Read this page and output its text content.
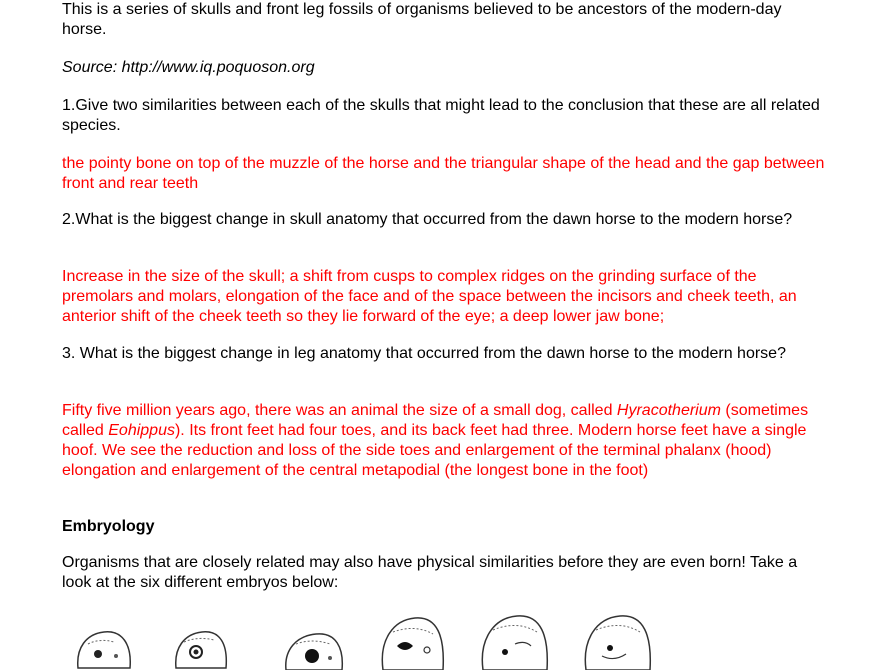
This is a series of skulls and front leg fossils of organisms believed to be ancestors of the modern-day horse.

Source: http://www.iq.poquoson.org

1.Give two similarities between each of the skulls that might lead to the conclusion that these are all related species.

the pointy bone on top of the muzzle of the horse and the triangular shape of the head and the gap between front and rear teeth

2.What is the biggest change in skull anatomy that occurred from the dawn horse to the modern horse?

Increase in the size of the skull; a shift from cusps to complex ridges on the grinding surface of the premolars and molars, elongation of the face and of the space between the incisors and cheek teeth, an anterior shift of the cheek teeth so they lie forward of the eye; a deep lower jaw bone;

3. What is the biggest change in leg anatomy that occurred from the dawn horse to the modern horse?

Fifty five million years ago, there was an animal the size of a small dog, called Hyracotherium (sometimes called Eohippus). Its front feet had four toes, and its back feet had three. Modern horse feet have a single hoof. We see the reduction and loss of the side toes and enlargement of the terminal phalanx (hood) elongation and enlargement of the central metapodial (the longest bone in the foot)

Embryology

Organisms that are closely related may also have physical similarities before they are even born! Take a look at the six different embryos below:
